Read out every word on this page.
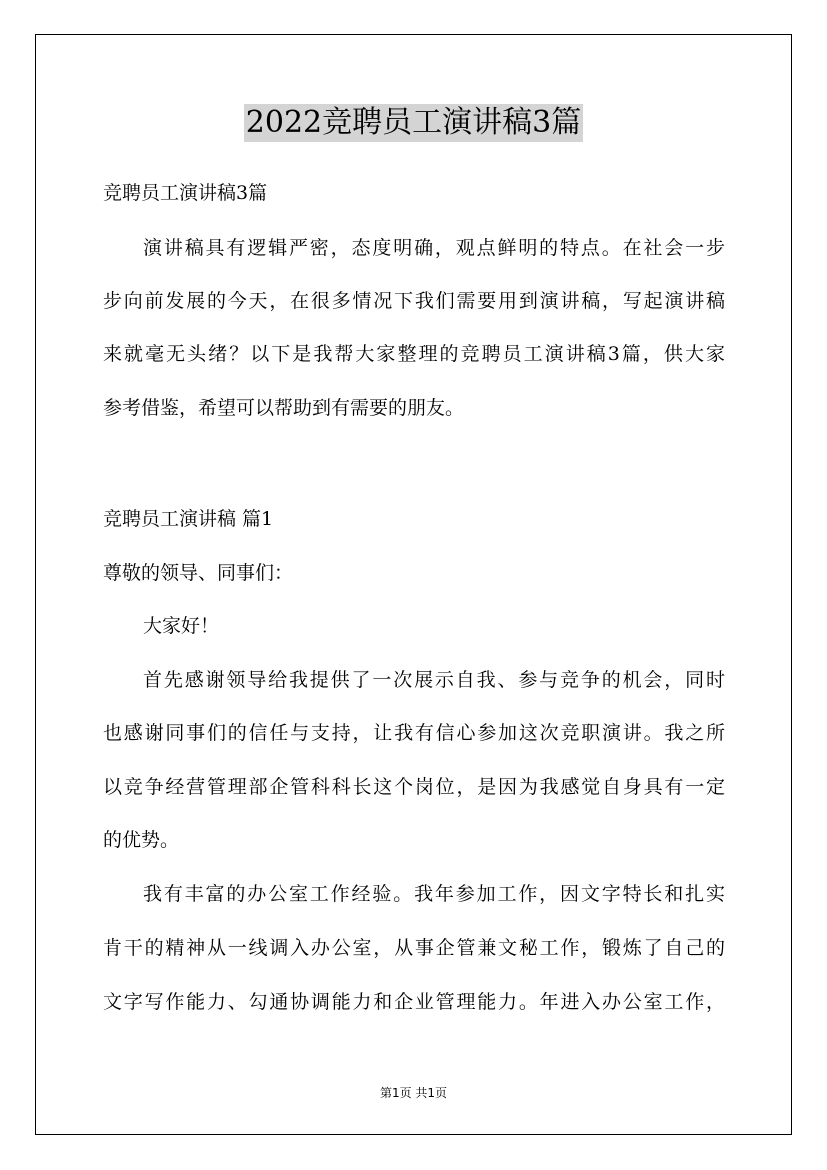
2022竞聘员工演讲稿3篇
竞聘员工演讲稿3篇
演讲稿具有逻辑严密，态度明确，观点鲜明的特点。在社会一步
步向前发展的今天，在很多情况下我们需要用到演讲稿，写起演讲稿
来就毫无头绪？以下是我帮大家整理的竞聘员工演讲稿3篇，供大家
参考借鉴，希望可以帮助到有需要的朋友。
竞聘员工演讲稿 篇1
尊敬的领导、同事们：
大家好！
首先感谢领导给我提供了一次展示自我、参与竞争的机会，同时
也感谢同事们的信任与支持，让我有信心参加这次竞职演讲。我之所
以竞争经营管理部企管科科长这个岗位，是因为我感觉自身具有一定
的优势。
我有丰富的办公室工作经验。我年参加工作，因文字特长和扎实
肯干的精神从一线调入办公室，从事企管兼文秘工作，锻炼了自己的
文字写作能力、勾通协调能力和企业管理能力。年进入办公室工作，
第1页 共1页
